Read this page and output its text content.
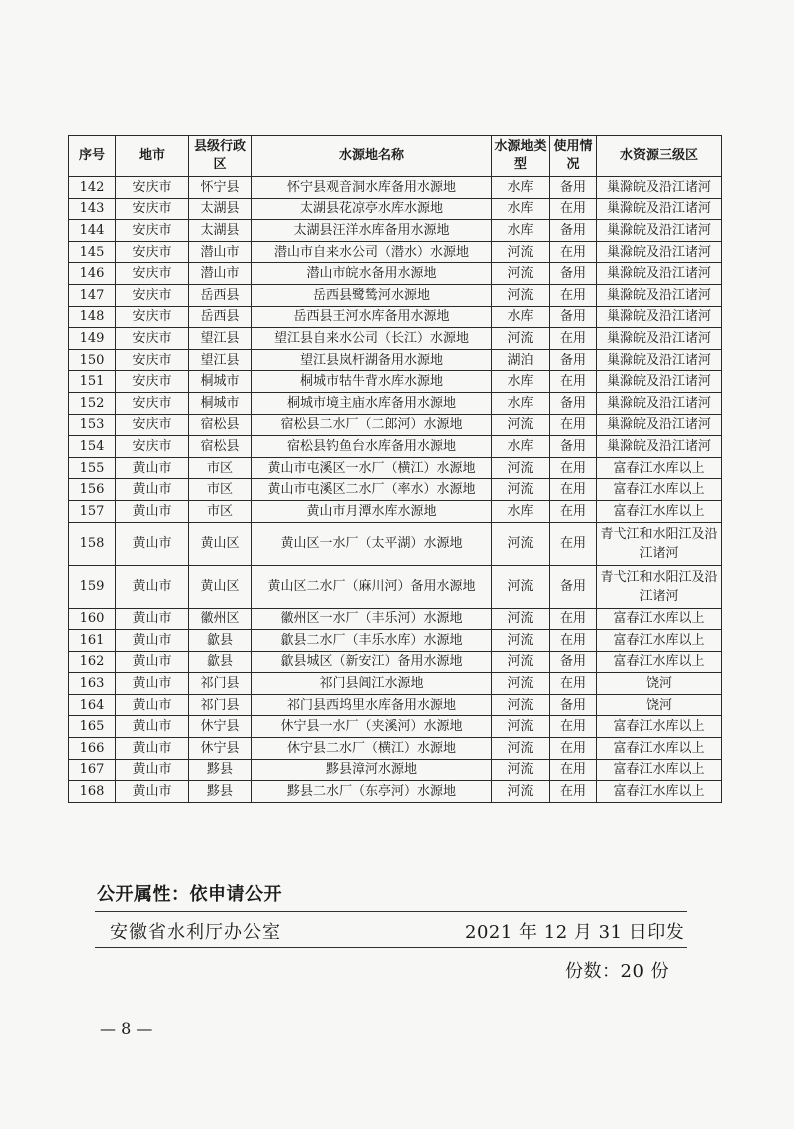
序号	地市	县级行政区	水源地名称	水源地类型	使用情况	水资源三级区
142	安庆市	怀宁县	怀宁县观音洞水库备用水源地	水库	备用	巢滁皖及沿江诸河
143	安庆市	太湖县	太湖县花凉亭水库水源地	水库	在用	巢滁皖及沿江诸河
144	安庆市	太湖县	太湖县汪洋水库备用水源地	水库	备用	巢滁皖及沿江诸河
145	安庆市	潜山市	潜山市自来水公司（潜水）水源地	河流	在用	巢滁皖及沿江诸河
146	安庆市	潜山市	潜山市皖水备用水源地	河流	备用	巢滁皖及沿江诸河
147	安庆市	岳西县	岳西县鹭鸶河水源地	河流	在用	巢滁皖及沿江诸河
148	安庆市	岳西县	岳西县王河水库备用水源地	水库	备用	巢滁皖及沿江诸河
149	安庆市	望江县	望江县自来水公司（长江）水源地	河流	在用	巢滁皖及沿江诸河
150	安庆市	望江县	望江县岚杆湖备用水源地	湖泊	备用	巢滁皖及沿江诸河
151	安庆市	桐城市	桐城市牯牛背水库水源地	水库	在用	巢滁皖及沿江诸河
152	安庆市	桐城市	桐城市境主庙水库备用水源地	水库	备用	巢滁皖及沿江诸河
153	安庆市	宿松县	宿松县二水厂（二郎河）水源地	河流	在用	巢滁皖及沿江诸河
154	安庆市	宿松县	宿松县钓鱼台水库备用水源地	水库	备用	巢滁皖及沿江诸河
155	黄山市	市区	黄山市屯溪区一水厂（横江）水源地	河流	在用	富春江水库以上
156	黄山市	市区	黄山市屯溪区二水厂（率水）水源地	河流	在用	富春江水库以上
157	黄山市	市区	黄山市月潭水库水源地	水库	在用	富春江水库以上
158	黄山市	黄山区	黄山区一水厂（太平湖）水源地	河流	在用	青弋江和水阳江及沿江诸河
159	黄山市	黄山区	黄山区二水厂（麻川河）备用水源地	河流	备用	青弋江和水阳江及沿江诸河
160	黄山市	徽州区	徽州区一水厂（丰乐河）水源地	河流	在用	富春江水库以上
161	黄山市	歙县	歙县二水厂（丰乐水库）水源地	河流	在用	富春江水库以上
162	黄山市	歙县	歙县城区（新安江）备用水源地	河流	备用	富春江水库以上
163	黄山市	祁门县	祁门县阊江水源地	河流	在用	饶河
164	黄山市	祁门县	祁门县西坞里水库备用水源地	河流	备用	饶河
165	黄山市	休宁县	休宁县一水厂（夹溪河）水源地	河流	在用	富春江水库以上
166	黄山市	休宁县	休宁县二水厂（横江）水源地	河流	在用	富春江水库以上
167	黄山市	黟县	黟县漳河水源地	河流	在用	富春江水库以上
168	黄山市	黟县	黟县二水厂（东亭河）水源地	河流	在用	富春江水库以上
公开属性：依申请公开
安徽省水利厅办公室	2021 年 12 月 31 日印发
份数：20 份
— 8 —
